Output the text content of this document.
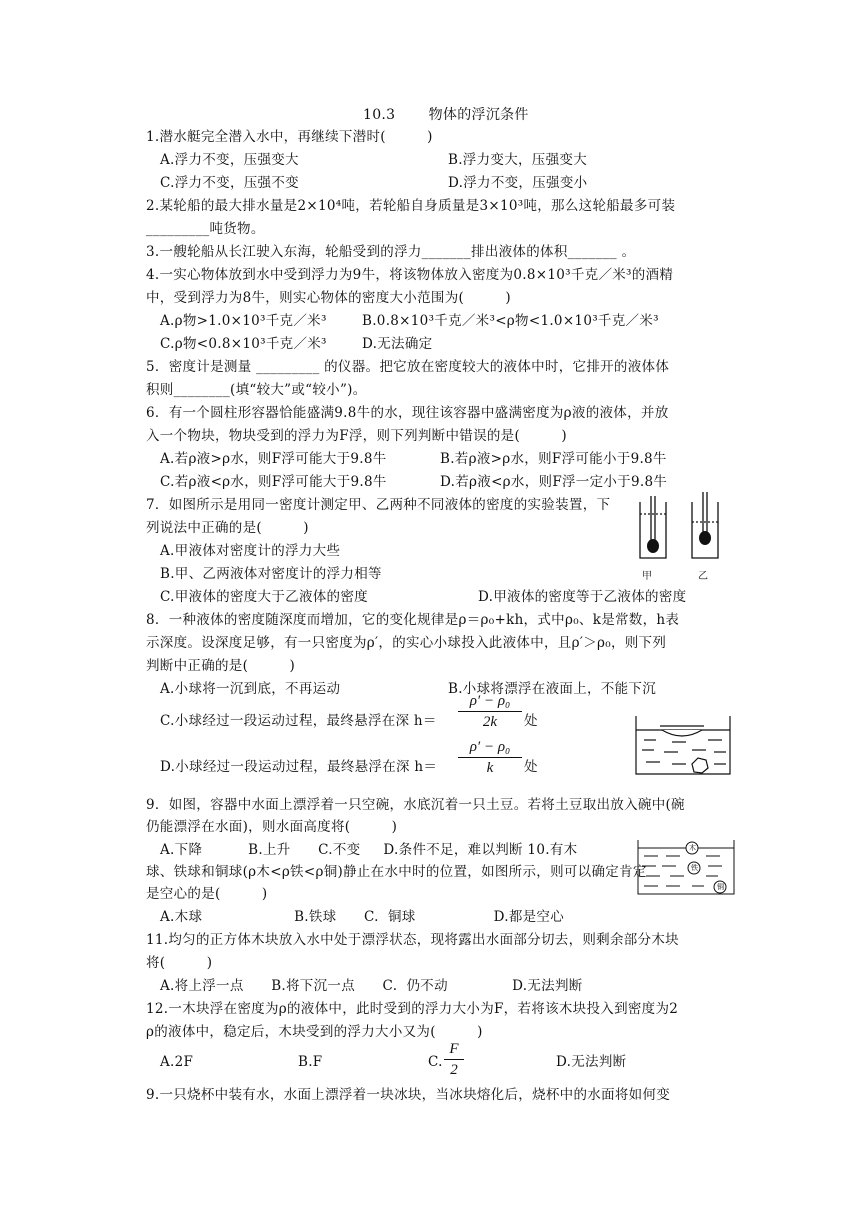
10.3       物体的浮沉条件
1.潜水艇完全潜入水中，再继续下潜时(         )
A.浮力不变，压强变大	B.浮力变大，压强变大
C.浮力不变，压强不变	D.浮力不变，压强变小
2.某轮船的最大排水量是2×10⁴吨，若轮船自身质量是3×10³吨，那么这轮船最多可装
_________吨货物。
3.一艘轮船从长江驶入东海，轮船受到的浮力_______排出液体的体积_______ 。
4.一实心物体放到水中受到浮力为9牛，将该物体放入密度为0.8×10³千克／米³的酒精
中，受到浮力为8牛，则实心物体的密度大小范围为(         )
A.ρ物>1.0×10³千克／米³	B.0.8×10³千克／米³<ρ物<1.0×10³千克／米³
C.ρ物<0.8×10³千克／米³	D.无法确定
5．密度计是测量 _________ 的仪器。把它放在密度较大的液体中时，它排开的液体体
积则________(填“较大”或“较小”)。
6．有一个圆柱形容器恰能盛满9.8牛的水，现往该容器中盛满密度为ρ液的液体，并放
入一个物块，物块受到的浮力为F浮，则下列判断中错误的是(         )
A.若ρ液>ρ水，则F浮可能大于9.8牛	B.若ρ液>ρ水，则F浮可能小于9.8牛
C.若ρ液<ρ水，则F浮可能大于9.8牛	D.若ρ液<ρ水，则F浮一定小于9.8牛
7．如图所示是用同一密度计测定甲、乙两种不同液体的密度的实验装置，下
列说法中正确的是(         )
A.甲液体对密度计的浮力大些
B.甲、乙两液体对密度计的浮力相等
C.甲液体的密度大于乙液体的密度	D.甲液体的密度等于乙液体的密度
甲	乙
8．一种液体的密度随深度而增加，它的变化规律是ρ＝ρ₀+kh，式中ρ₀、k是常数，h表
示深度。设深度足够，有一只密度为ρ′，的实心小球投入此液体中，且ρ′＞ρ₀，则下列
判断中正确的是(         )
A.小球将一沉到底，不再运动	B.小球将漂浮在液面上，不能下沉
C.小球经过一段运动过程，最终悬浮在深 h＝
ρ′ − ρ₀
2k	处
D.小球经过一段运动过程，最终悬浮在深 h＝
ρ′ − ρ₀
k	处
9．如图，容器中水面上漂浮着一只空碗，水底沉着一只土豆。若将土豆取出放入碗中(碗
仍能漂浮在水面)，则水面高度将(         )
A.下降          B.上升      C.不变     D.条件不足，难以判断 10.有木
球、铁球和铜球(ρ木<ρ铁<ρ铜)静止在水中时的位置，如图所示，则可以确定肯定
是空心的是(         )
A.木球                    B.铁球      C.  铜球                 D.都是空心
木
铁
铜
11.均匀的正方体木块放入水中处于漂浮状态，现将露出水面部分切去，则剩余部分木块
将(         )
A.将上浮一点      B.将下沉一点      C.  仍不动              D.无法判断
12.一木块浮在密度为ρ的液体中，此时受到的浮力大小为F，若将该木块投入到密度为2
ρ的液体中，稳定后，木块受到的浮力大小又为(         )
A.2F	B.F	C.
F
2	D.无法判断
9.一只烧杯中装有水，水面上漂浮着一块冰块，当冰块熔化后，烧杯中的水面将如何变
